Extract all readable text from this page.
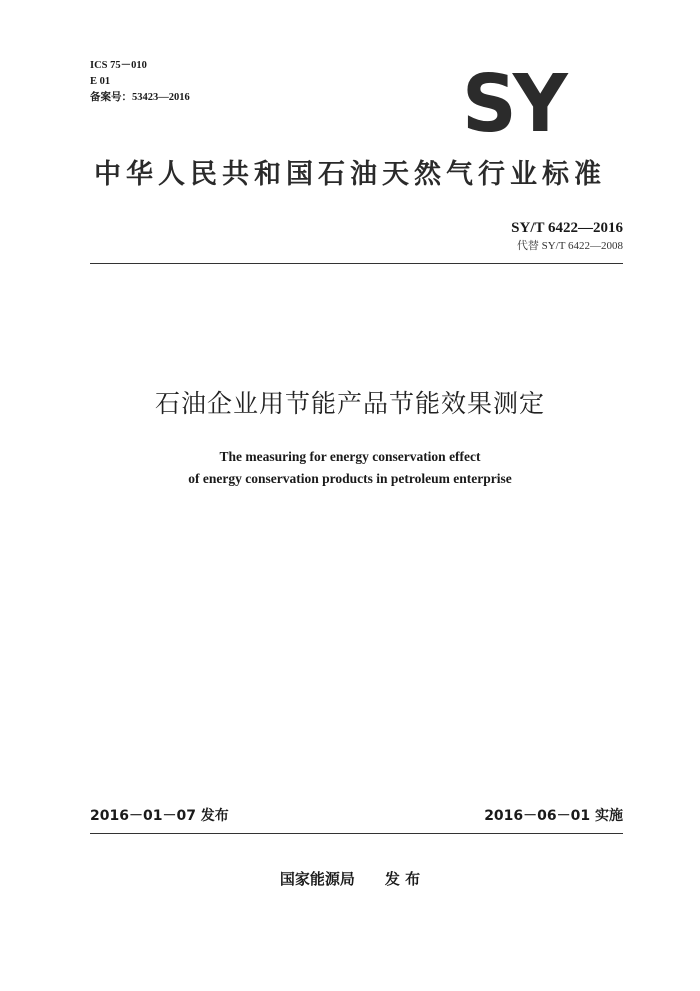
ICS 75－010
E 01
备案号：53423—2016	SY
中华人民共和国石油天然气行业标准
SY/T 6422—2016
代替 SY/T 6422—2008
石油企业用节能产品节能效果测定
The measuring for energy conservation effect
of energy conservation products in petroleum enterprise
2016－01－07 发布	2016－06－01 实施
国家能源局 发 布
